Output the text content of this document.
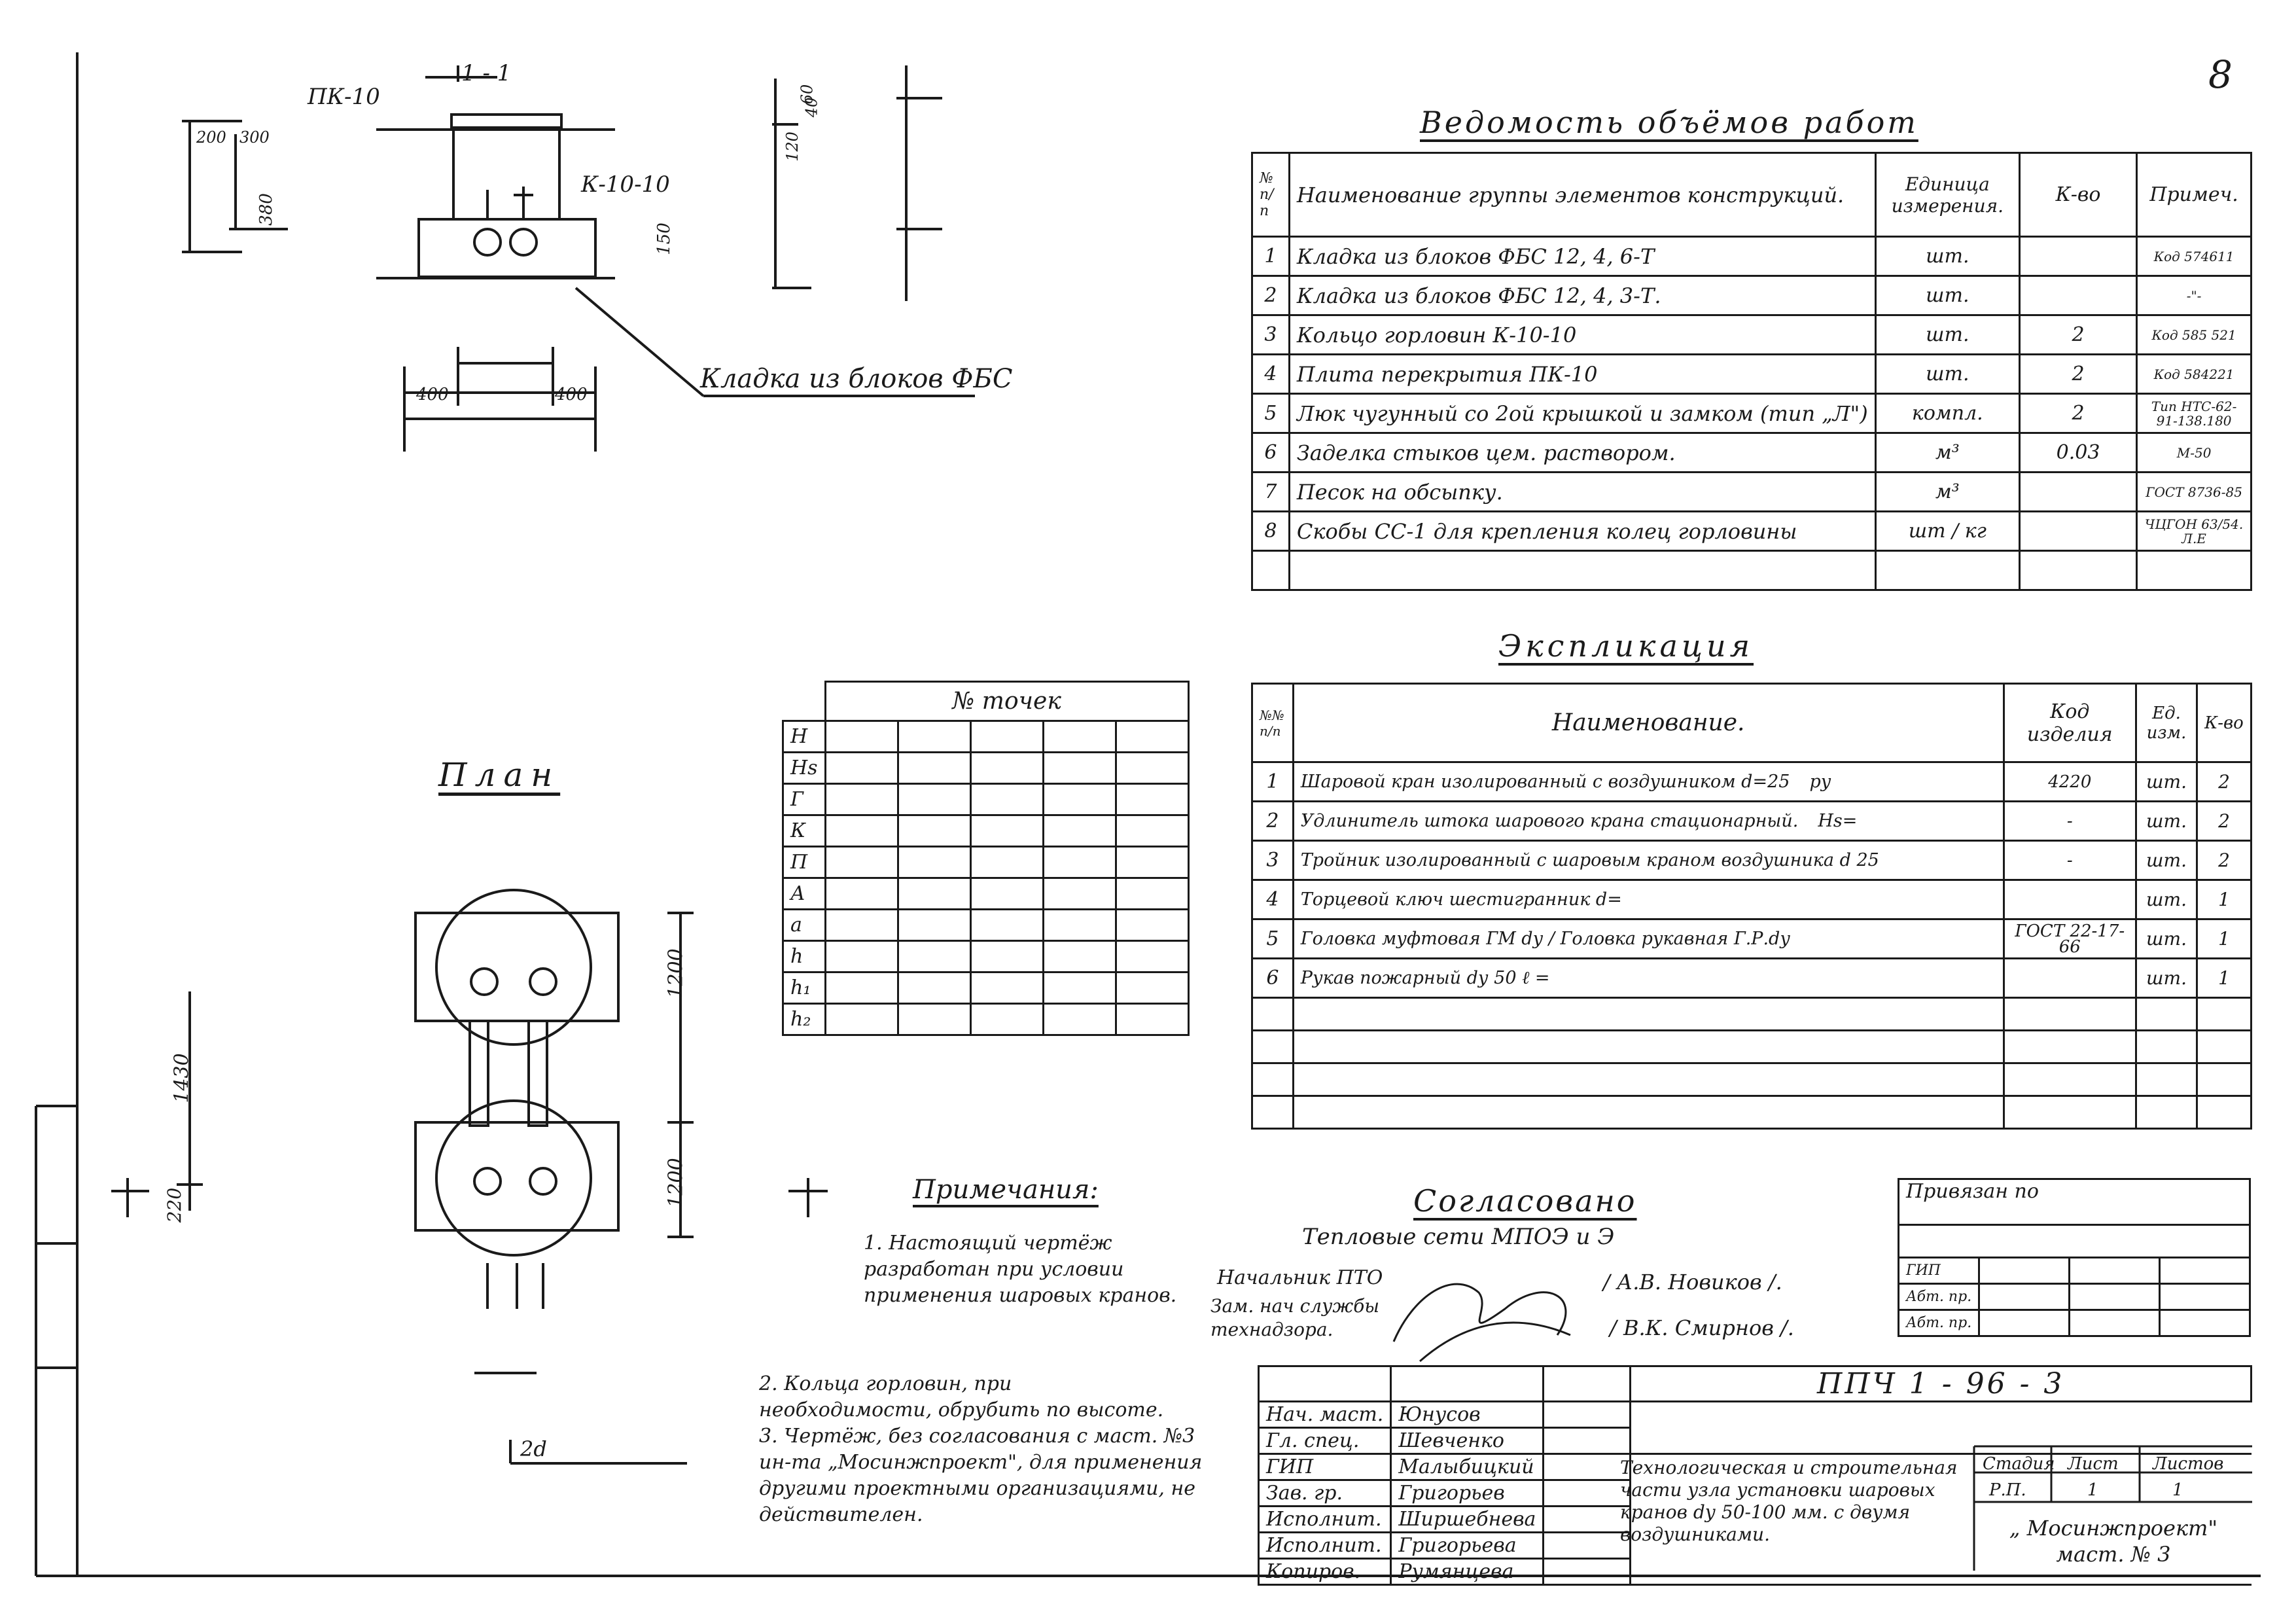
8
1 - 1
ПК-10
К-10-10
Кладка из блоков ФБС
200 300
380
150
400	400
120
40
60
План
1430
1200
1200
220
2d
Ведомость объёмов работ
№ п/п	Наименование группы элементов конструкций.	Единица измерения.	К-во	Примеч.
1	Кладка из блоков ФБС 12, 4, 6-Т	шт.		Код 574611
2	Кладка из блоков ФБС 12, 4, 3-Т.	шт.		-"-
3	Кольцо горловин К-10-10	шт.	2	Код 585 521
4	Плита перекрытия ПК-10	шт.	2	Код 584221
5	Люк чугунный со 2ой крышкой и замком (тип „Л")	компл.	2	Тип НТС-62-91-138.180
6	Заделка стыков цем. раствором.	м³	0.03	М-50
7	Песок на обсыпку.	м³		ГОСТ 8736-85
8	Скобы СС-1 для крепления колец горловины	шт / кг		ЧЦГОН 63/54. Л.Е

	№ точек				
Н					
Нs					
Г					
К					
П					
А					
а					
h					
h₁					
h₂					
Экспликация
№№ п/п	Наименование.	Код изделия	Ед. изм.	К-во
1	Шаровой кран изолированный с воздушником d=25 ру	4220	шт.	2
2	Удлинитель штока шарового крана стационарный. Нs=	-	шт.	2
3	Тройник изолированный с шаровым краном воздушника d 25	-	шт.	2
4	Торцевой ключ шестигранник d=		шт.	1
5	Головка муфтовая ГМ dу / Головка рукавная Г.Р.dу	ГОСТ 22-17-66	шт.	1
6	Рукав пожарный dу 50 ℓ =		шт.	1

Примечания:
1. Настоящий чертёж разработан при условии применения шаровых кранов.
2. Кольца горловин, при необходимости, обрубить по высоте.
3. Чертёж, без согласования с маст. №3 ин-та „Мосинжпроект", для применения другими проектными организациями, не действителен.
Согласовано
Тепловые сети МПОЭ и Э
Начальник ПТО	/ А.В. Новиков /.
Зам. нач службы технадзора.	/ В.К. Смирнов /.
Привязан по			

ГИП			
Абт. пр.			
Абт. пр.			
			ППЧ 1 - 96 - 3
Нач. маст.	Юнусов		
Гл. спец.	Шевченко		
ГИП	Малыбицкий		
Зав. гр.	Григорьев		
Исполнит.	Ширшебнева		
Исполнит.	Григорьева		
Копиров.	Румянцева		
Технологическая и строительная части узла установки шаровых кранов dу 50-100 мм. с двумя воздушниками.
Стадия Лист Листов
Р.П.	1	1
„ Мосинжпроект" маст. № 3
